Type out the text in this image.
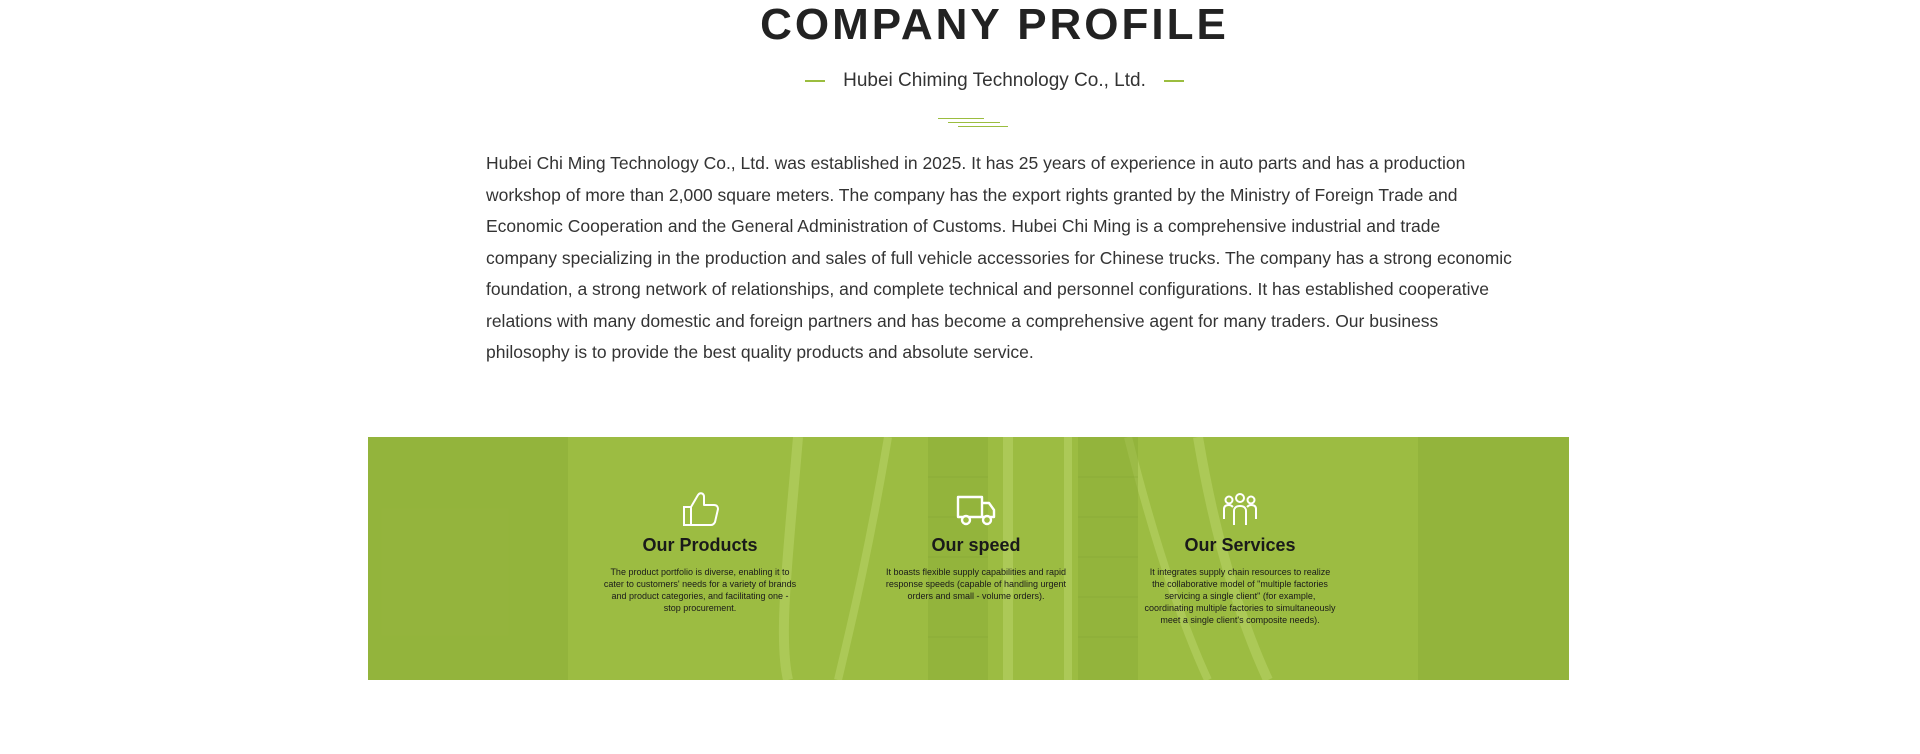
COMPANY PROFILE
Hubei Chiming Technology Co., Ltd.
Hubei Chi Ming Technology Co., Ltd. was established in 2025. It has 25 years of experience in auto parts and has a production workshop of more than 2,000 square meters. The company has the export rights granted by the Ministry of Foreign Trade and Economic Cooperation and the General Administration of Customs. Hubei Chi Ming is a comprehensive industrial and trade company specializing in the production and sales of full vehicle accessories for Chinese trucks. The company has a strong economic foundation, a strong network of relationships, and complete technical and personnel configurations. It has established cooperative relations with many domestic and foreign partners and has become a comprehensive agent for many traders. Our business philosophy is to provide the best quality products and absolute service.
Our Products

The product portfolio is diverse, enabling it to cater to customers' needs for a variety of brands and product categories, and facilitating one - stop procurement.

Our speed

It boasts flexible supply capabilities and rapid response speeds (capable of handling urgent orders and small - volume orders).

Our Services

It integrates supply chain resources to realize the collaborative model of "multiple factories servicing a single client" (for example, coordinating multiple factories to simultaneously meet a single client's composite needs).
